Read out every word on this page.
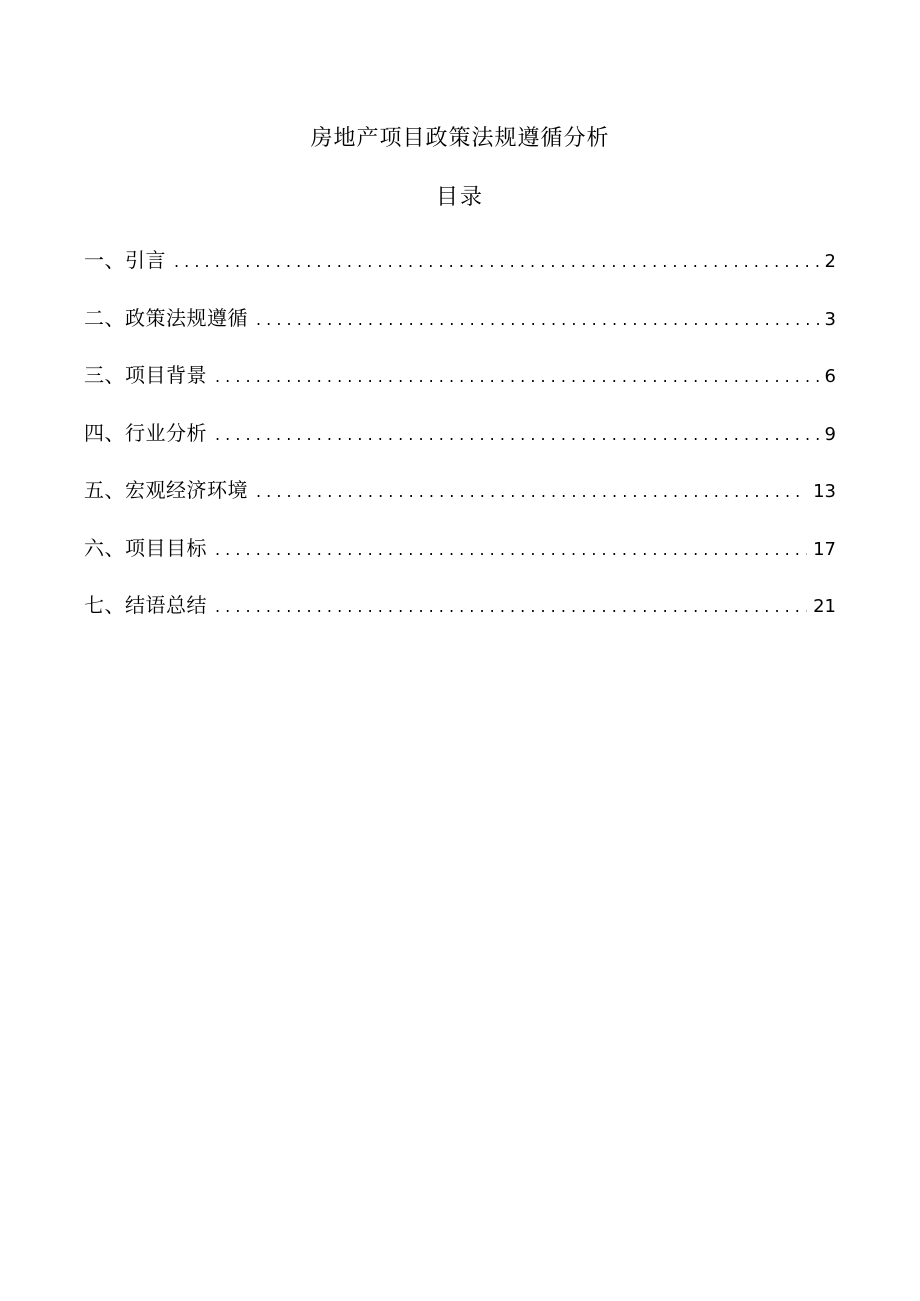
房地产项目政策法规遵循分析
目录
一、引言 . . .	2
二、政策法规遵循 . . .	3
三、项目背景 . . .	6
四、行业分析 . . .	9
五、宏观经济环境 . . .	13
六、项目目标 . . .	17
七、结语总结 . . .	21
